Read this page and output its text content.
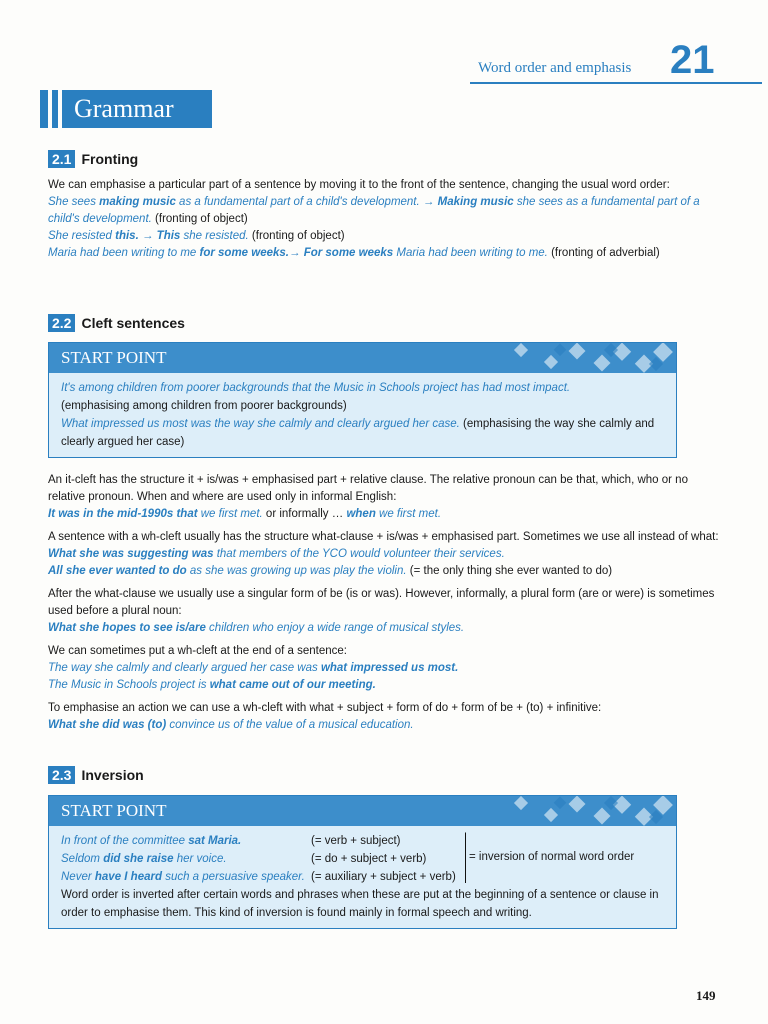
Word order and emphasis 21
Grammar
2.1 Fronting
We can emphasise a particular part of a sentence by moving it to the front of the sentence, changing the usual word order:
She sees making music as a fundamental part of a child's development. → Making music she sees as a fundamental part of a child's development. (fronting of object)
She resisted this. → This she resisted. (fronting of object)
Maria had been writing to me for some weeks.→ For some weeks Maria had been writing to me. (fronting of adverbial)
2.2 Cleft sentences
START POINT
It's among children from poorer backgrounds that the Music in Schools project has had most impact.
(emphasising among children from poorer backgrounds)
What impressed us most was the way she calmly and clearly argued her case. (emphasising the way she calmly and clearly argued her case)
An it-cleft has the structure it + is/was + emphasised part + relative clause. The relative pronoun can be that, which, who or no relative pronoun. When and where are used only in informal English:
It was in the mid-1990s that we first met. or informally … when we first met.
A sentence with a wh-cleft usually has the structure what-clause + is/was + emphasised part. Sometimes we use all instead of what:
What she was suggesting was that members of the YCO would volunteer their services.
All she ever wanted to do as she was growing up was play the violin. (= the only thing she ever wanted to do)
After the what-clause we usually use a singular form of be (is or was). However, informally, a plural form (are or were) is sometimes used before a plural noun:
What she hopes to see is/are children who enjoy a wide range of musical styles.
We can sometimes put a wh-cleft at the end of a sentence:
The way she calmly and clearly argued her case was what impressed us most.
The Music in Schools project is what came out of our meeting.
To emphasise an action we can use a wh-cleft with what + subject + form of do + form of be + (to) + infinitive:
What she did was (to) convince us of the value of a musical education.
2.3 Inversion
START POINT
In front of the committee sat Maria.	(= verb + subject)
Seldom did she raise her voice.	(= do + subject + verb)
Never have I heard such a persuasive speaker. (= auxiliary + subject + verb)
= inversion of normal word order
Word order is inverted after certain words and phrases when these are put at the beginning of a sentence or clause in order to emphasise them. This kind of inversion is found mainly in formal speech and writing.
149
